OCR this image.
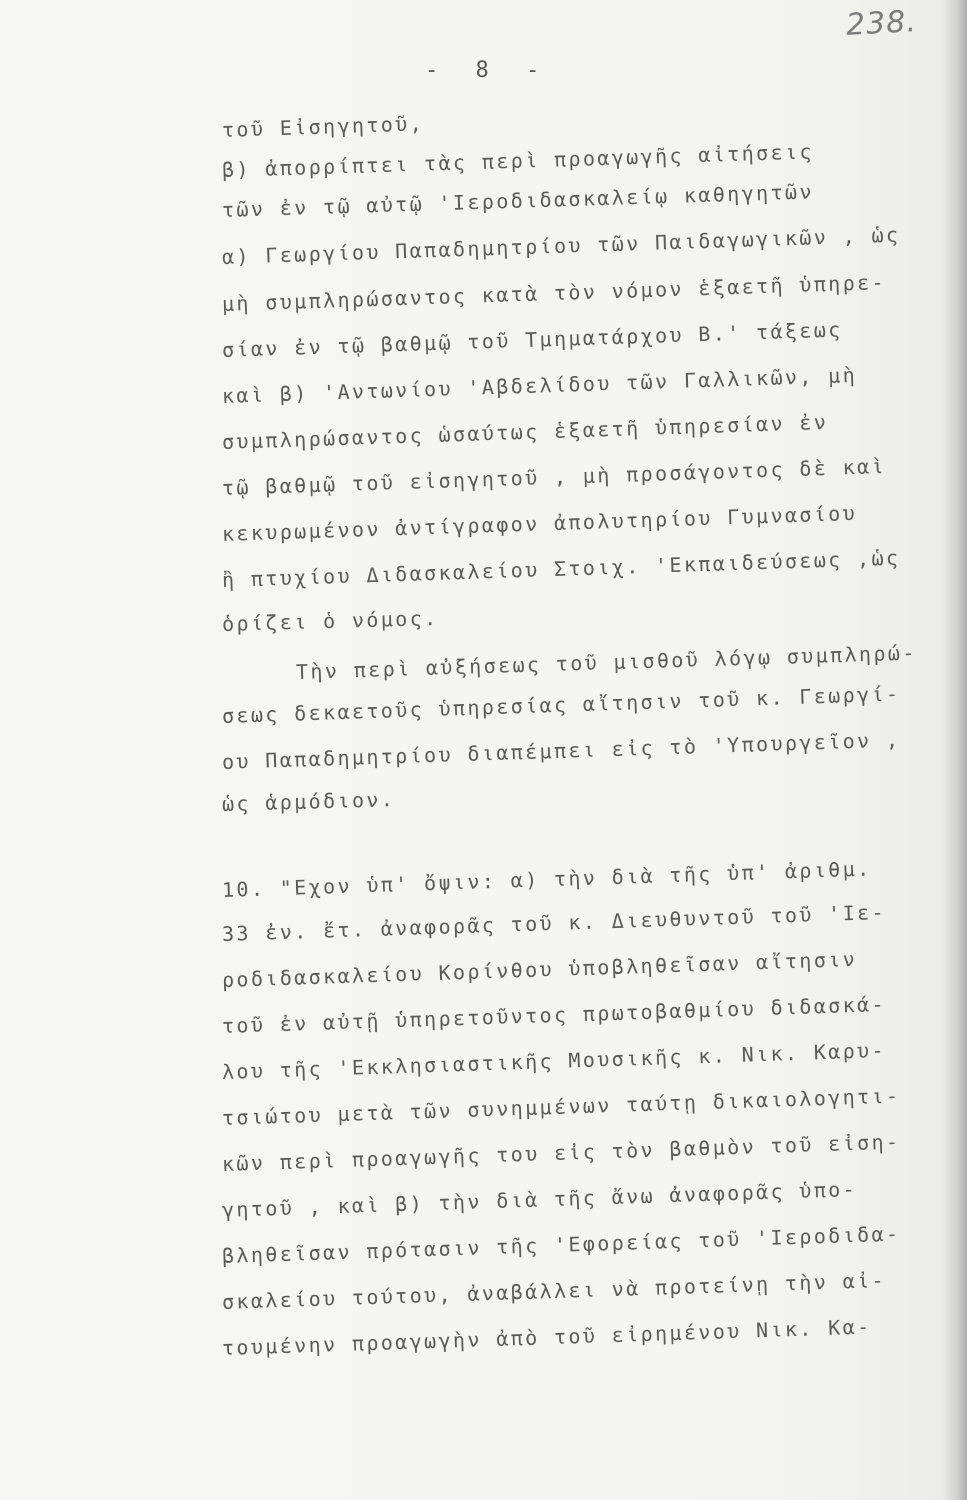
238.
- 8 -
τοῦ Εἰσηγητοῦ,
β) ἀπορρίπτει τὰς περὶ προαγωγῆς αἰτήσεις
τῶν ἐν τῷ αὐτῷ 'Ιεροδιδασκαλείῳ καθηγητῶν
α) Γεωργίου Παπαδημητρίου τῶν Παιδαγωγικῶν , ὡς
μὴ συμπληρώσαντος κατὰ τὸν νόμον ἑξαετῆ ὑπηρε-
σίαν ἐν τῷ βαθμῷ τοῦ Τμηματάρχου Β.' τάξεως
καὶ β) 'Αντωνίου 'Αβδελίδου τῶν Γαλλικῶν, μὴ
συμπληρώσαντος ὡσαύτως ἑξαετῆ ὑπηρεσίαν ἐν
τῷ βαθμῷ τοῦ εἰσηγητοῦ , μὴ προσάγοντος δὲ καὶ
κεκυρωμένον ἀντίγραφον ἀπολυτηρίου Γυμνασίου
ἢ πτυχίου Διδασκαλείου Στοιχ. 'Εκπαιδεύσεως ,ὡς
ὁρίζει ὁ νόμος.
Τὴν περὶ αὐξήσεως τοῦ μισθοῦ λόγῳ συμπληρώ-
σεως δεκαετοῦς ὑπηρεσίας αἴτησιν τοῦ κ. Γεωργί-
ου Παπαδημητρίου διαπέμπει εἰς τὸ 'Υπουργεῖον ,
ὡς ἁρμόδιον.
10. "Εχον ὑπ' ὄψιν: α) τὴν διὰ τῆς ὑπ' ἀριθμ.
33 ἐν. ἔτ. ἀναφορᾶς τοῦ κ. Διευθυντοῦ τοῦ 'Ιε-
ροδιδασκαλείου Κορίνθου ὑποβληθεῖσαν αἴτησιν
τοῦ ἐν αὐτῇ ὑπηρετοῦντος πρωτοβαθμίου διδασκά-
λου τῆς 'Εκκλησιαστικῆς Μουσικῆς κ. Νικ. Καρυ-
τσιώτου μετὰ τῶν συνημμένων ταύτῃ δικαιολογητι-
κῶν περὶ προαγωγῆς του εἰς τὸν βαθμὸν τοῦ εἰση-
γητοῦ , καὶ β) τὴν διὰ τῆς ἄνω ἀναφορᾶς ὑπο-
βληθεῖσαν πρότασιν τῆς 'Εφορείας τοῦ 'Ιεροδιδα-
σκαλείου τούτου, ἀναβάλλει νὰ προτείνῃ τὴν αἰ-
τουμένην προαγωγὴν ἀπὸ τοῦ εἰρημένου Νικ. Κα-
